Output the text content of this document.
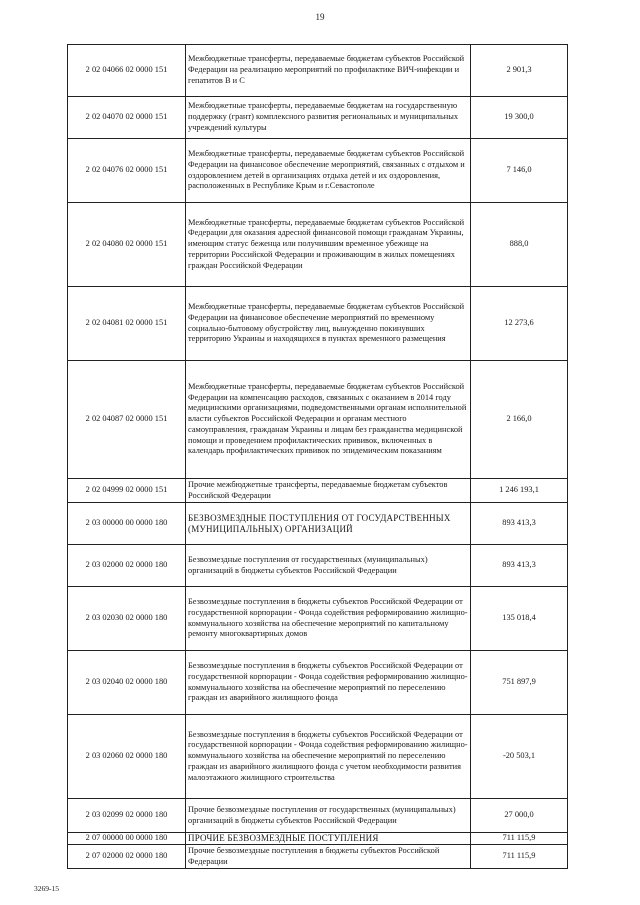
19
2 02 04066 02 0000 151	Межбюджетные трансферты, передаваемые бюджетам субъектов Российской Федерации на реализацию мероприятий по профилактике ВИЧ-инфекции и гепатитов В и С	2 901,3
2 02 04070 02 0000 151	Межбюджетные трансферты, передаваемые бюджетам на государственную поддержку (грант) комплексного развития региональных и муниципальных учреждений культуры	19 300,0
2 02 04076 02 0000 151	Межбюджетные трансферты, передаваемые бюджетам субъектов Российской Федерации на финансовое обеспечение мероприятий, связанных с отдыхом и оздоровлением детей в организациях отдыха детей и их оздоровления, расположенных в Республике Крым и г.Севастополе	7 146,0
2 02 04080 02 0000 151	Межбюджетные трансферты, передаваемые бюджетам субъектов Российской Федерации для оказания адресной финансовой помощи гражданам Украины, имеющим статус беженца или получившим временное убежище на территории Российской Федерации и проживающим в жилых помещениях граждан Российской Федерации	888,0
2 02 04081 02 0000 151	Межбюджетные трансферты, передаваемые бюджетам субъектов Российской Федерации на финансовое обеспечение мероприятий по временному социально-бытовому обустройству лиц, вынужденно покинувших территорию Украины и находящихся в пунктах временного размещения	12 273,6
2 02 04087 02 0000 151	Межбюджетные трансферты, передаваемые бюджетам субъектов Российской Федерации на компенсацию расходов, связанных с оказанием в 2014 году медицинскими организациями, подведомственными органам исполнительной власти субъектов Российской Федерации и органам местного самоуправления, гражданам Украины и лицам без гражданства медицинской помощи и проведением профилактических прививок, включенных в календарь профилактических прививок по эпидемическим показаниям	2 166,0
2 02 04999 02 0000 151	Прочие межбюджетные трансферты, передаваемые бюджетам субъектов Российской Федерации	1 246 193,1
2 03 00000 00 0000 180	БЕЗВОЗМЕЗДНЫЕ ПОСТУПЛЕНИЯ ОТ ГОСУДАРСТВЕННЫХ (МУНИЦИПАЛЬНЫХ) ОРГАНИЗАЦИЙ	893 413,3
2 03 02000 02 0000 180	Безвозмездные поступления от государственных (муниципальных) организаций в бюджеты субъектов Российской Федерации	893 413,3
2 03 02030 02 0000 180	Безвозмездные поступления в бюджеты субъектов Российской Федерации от государственной корпорации - Фонда содействия реформированию жилищно-коммунального хозяйства на обеспечение мероприятий по капитальному ремонту многоквартирных домов	135 018,4
2 03 02040 02 0000 180	Безвозмездные поступления в бюджеты субъектов Российской Федерации от государственной корпорации - Фонда содействия реформированию жилищно-коммунального хозяйства на обеспечение мероприятий по переселению граждан из аварийного жилищного фонда	751 897,9
2 03 02060 02 0000 180	Безвозмездные поступления в бюджеты субъектов Российской Федерации от государственной корпорации - Фонда содействия реформированию жилищно-коммунального хозяйства на обеспечение мероприятий по переселению граждан из аварийного жилищного фонда с учетом необходимости развития малоэтажного жилищного строительства	-20 503,1
2 03 02099 02 0000 180	Прочие безвозмездные поступления от государственных (муниципальных) организаций в бюджеты субъектов Российской Федерации	27 000,0
2 07 00000 00 0000 180	ПРОЧИЕ БЕЗВОЗМЕЗДНЫЕ ПОСТУПЛЕНИЯ	711 115,9
2 07 02000 02 0000 180	Прочие безвозмездные поступления в бюджеты субъектов Российской Федерации	711 115,9
3269-15
